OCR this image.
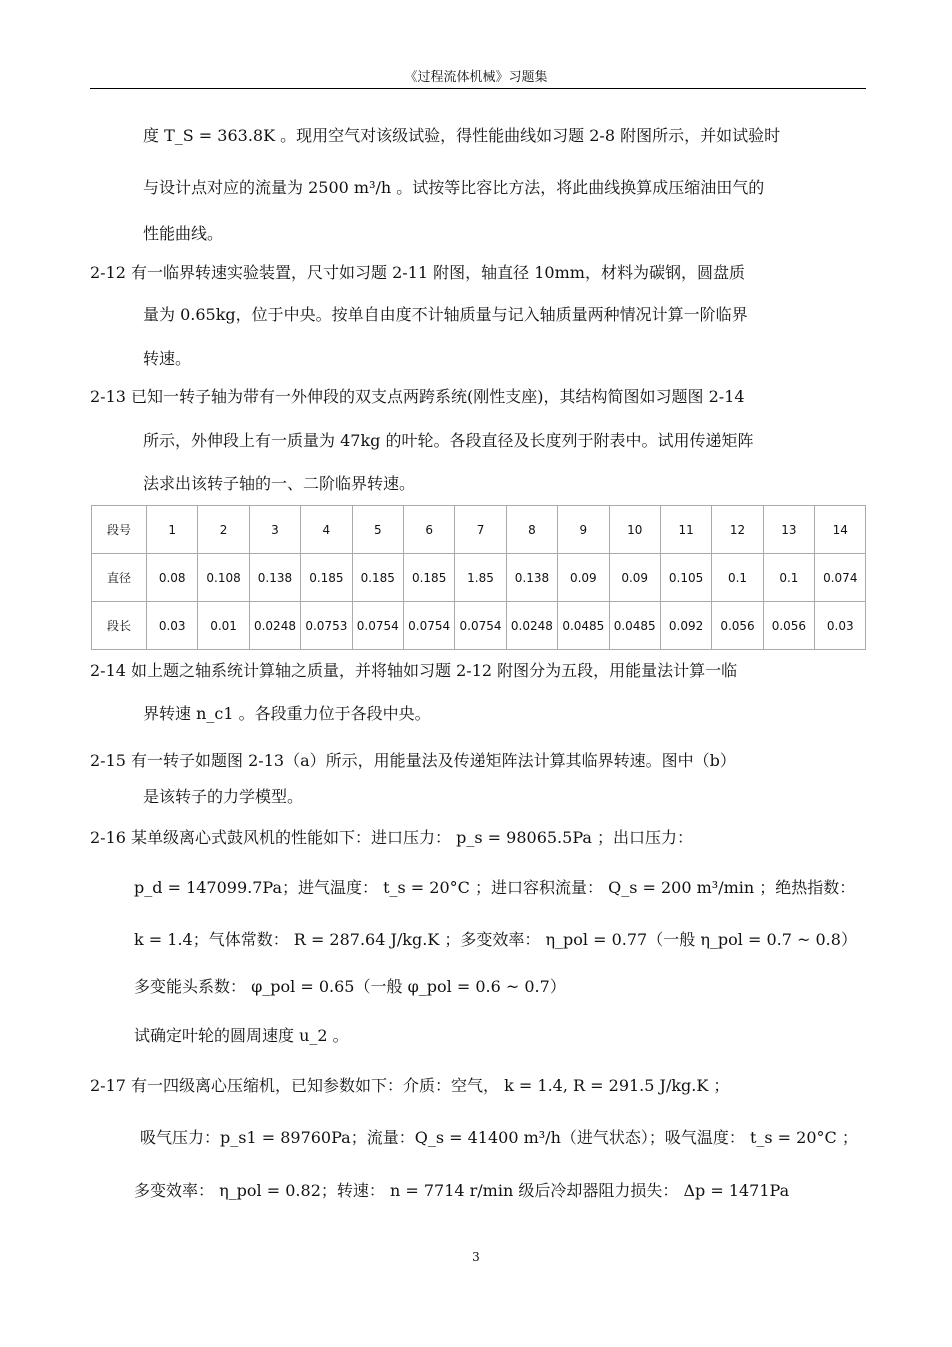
《过程流体机械》习题集
度 T_S = 363.8K 。现用空气对该级试验，得性能曲线如习题 2-8 附图所示，并如试验时
与设计点对应的流量为 2500 m³/h 。试按等比容比方法，将此曲线换算成压缩油田气的
性能曲线。
2-12 有一临界转速实验装置，尺寸如习题 2-11 附图，轴直径 10mm，材料为碳钢，圆盘质
量为 0.65kg，位于中央。按单自由度不计轴质量与记入轴质量两种情况计算一阶临界
转速。
2-13 已知一转子轴为带有一外伸段的双支点两跨系统(刚性支座)，其结构简图如习题图 2-14
所示，外伸段上有一质量为 47kg 的叶轮。各段直径及长度列于附表中。试用传递矩阵
法求出该转子轴的一、二阶临界转速。
段号	1	2	3	4	5	6	7	8	9	10	11	12	13	14
直径	0.08	0.108	0.138	0.185	0.185	0.185	1.85	0.138	0.09	0.09	0.105	0.1	0.1	0.074
段长	0.03	0.01	0.0248	0.0753	0.0754	0.0754	0.0754	0.0248	0.0485	0.0485	0.092	0.056	0.056	0.03
2-14 如上题之轴系统计算轴之质量，并将轴如习题 2-12 附图分为五段，用能量法计算一临
界转速 n_c1 。各段重力位于各段中央。
2-15 有一转子如题图 2-13（a）所示，用能量法及传递矩阵法计算其临界转速。图中（b）
是该转子的力学模型。
2-16 某单级离心式鼓风机的性能如下：进口压力： p_s = 98065.5Pa ；出口压力：
p_d = 147099.7Pa；进气温度： t_s = 20°C ；进口容积流量： Q_s = 200 m³/min ；绝热指数：
k = 1.4；气体常数： R = 287.64 J/kg.K ；多变效率： η_pol = 0.77（一般 η_pol = 0.7 ~ 0.8）
多变能头系数： φ_pol = 0.65（一般 φ_pol = 0.6 ~ 0.7）
试确定叶轮的圆周速度 u_2 。
2-17 有一四级离心压缩机，已知参数如下：介质：空气， k = 1.4, R = 291.5 J/kg.K ；
吸气压力：p_s1 = 89760Pa；流量：Q_s = 41400 m³/h（进气状态）；吸气温度： t_s = 20°C ；
多变效率： η_pol = 0.82；转速： n = 7714 r/min 级后冷却器阻力损失： Δp = 1471Pa
3
